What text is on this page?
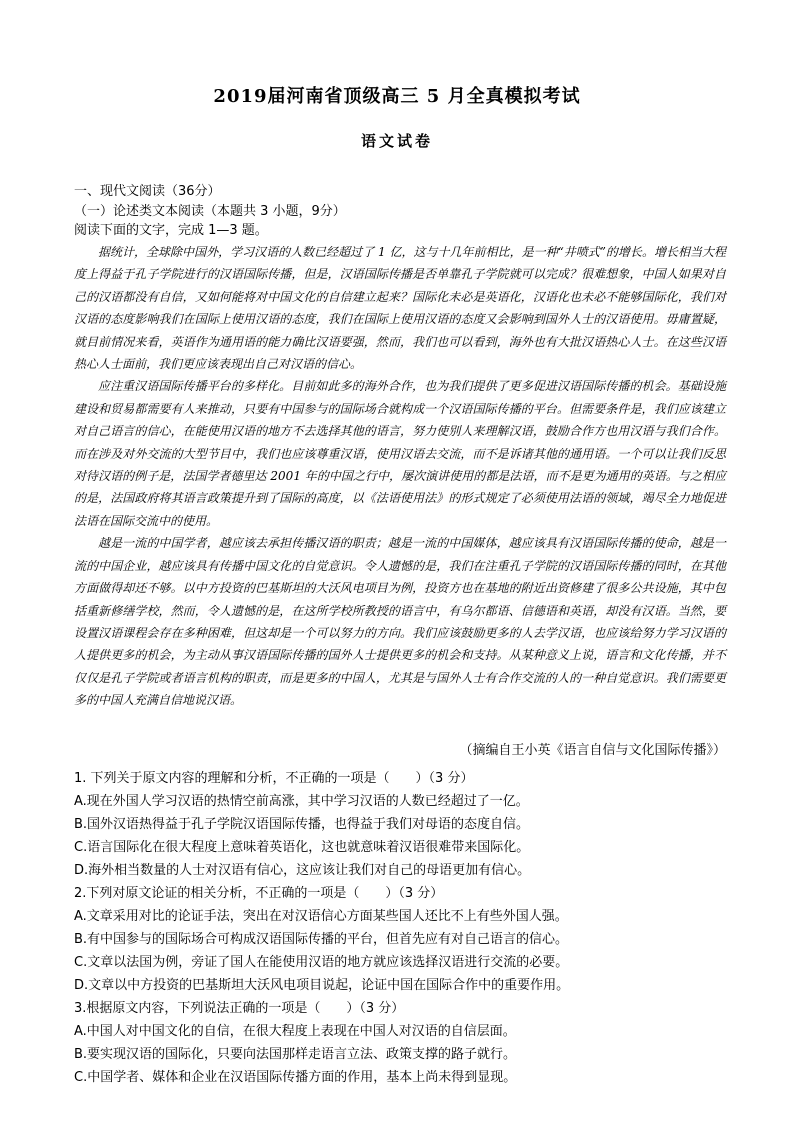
2019届河南省顶级高三 5 月全真模拟考试
语文试卷
一、现代文阅读（36分）
（一）论述类文本阅读（本题共 3 小题，9分）
阅读下面的文字，完成 1—3 题。

据统计，全球除中国外，学习汉语的人数已经超过了 1 亿，这与十几年前相比，是一种“井喷式”的增长。增长相当大程度上得益于孔子学院进行的汉语国际传播，但是，汉语国际传播是否单靠孔子学院就可以完成？很难想象，中国人如果对自己的汉语都没有自信，又如何能将对中国文化的自信建立起来？国际化未必是英语化，汉语化也未必不能够国际化，我们对汉语的态度影响我们在国际上使用汉语的态度，我们在国际上使用汉语的态度又会影响到国外人士的汉语使用。毋庸置疑，就目前情况来看，英语作为通用语的能力确比汉语要强，然而，我们也可以看到，海外也有大批汉语热心人士。在这些汉语热心人士面前，我们更应该表现出自己对汉语的信心。

应注重汉语国际传播平台的多样化。目前如此多的海外合作，也为我们提供了更多促进汉语国际传播的机会。基础设施建设和贸易都需要有人来推动，只要有中国参与的国际场合就构成一个汉语国际传播的平台。但需要条件是，我们应该建立对自己语言的信心，在能使用汉语的地方不去选择其他的语言，努力使别人来理解汉语，鼓励合作方也用汉语与我们合作。而在涉及对外交流的大型节目中，我们也应该尊重汉语，使用汉语去交流，而不是诉诸其他的通用语。一个可以让我们反思对待汉语的例子是，法国学者德里达 2001 年的中国之行中，屡次演讲使用的都是法语，而不是更为通用的英语。与之相应的是，法国政府将其语言政策提升到了国际的高度，以《法语使用法》的形式规定了必须使用法语的领域，竭尽全力地促进法语在国际交流中的使用。

越是一流的中国学者，越应该去承担传播汉语的职责；越是一流的中国媒体，越应该具有汉语国际传播的使命，越是一流的中国企业，越应该具有传播中国文化的自觉意识。令人遗憾的是，我们在注重孔子学院的汉语国际传播的同时，在其他方面做得却还不够。以中方投资的巴基斯坦的大沃风电项目为例，投资方也在基地的附近出资修建了很多公共设施，其中包括重新修缮学校，然而，令人遗憾的是，在这所学校所教授的语言中，有乌尔都语、信德语和英语，却没有汉语。当然，要设置汉语课程会存在多种困难，但这却是一个可以努力的方向。我们应该鼓励更多的人去学汉语，也应该给努力学习汉语的人提供更多的机会，为主动从事汉语国际传播的国外人士提供更多的机会和支持。从某种意义上说，语言和文化传播，并不仅仅是孔子学院或者语言机构的职责，而是更多的中国人，尤其是与国外人士有合作交流的人的一种自觉意识。我们需要更多的中国人充满自信地说汉语。

（摘编自王小英《语言自信与文化国际传播》）
1. 下列关于原文内容的理解和分析，不正确的一项是（　　）（3 分）
A.现在外国人学习汉语的热情空前高涨，其中学习汉语的人数已经超过了一亿。
B.国外汉语热得益于孔子学院汉语国际传播，也得益于我们对母语的态度自信。
C.语言国际化在很大程度上意味着英语化，这也就意味着汉语很难带来国际化。
D.海外相当数量的人士对汉语有信心，这应该让我们对自己的母语更加有信心。
2.下列对原文论证的相关分析，不正确的一项是（　　）（3 分）
A.文章采用对比的论证手法，突出在对汉语信心方面某些国人还比不上有些外国人强。
B.有中国参与的国际场合可构成汉语国际传播的平台，但首先应有对自己语言的信心。
C.文章以法国为例，旁证了国人在能使用汉语的地方就应该选择汉语进行交流的必要。
D.文章以中方投资的巴基斯坦大沃风电项目说起，论证中国在国际合作中的重要作用。
3.根据原文内容，下列说法正确的一项是（　　）（3 分）
A.中国人对中国文化的自信，在很大程度上表现在中国人对汉语的自信层面。
B.要实现汉语的国际化，只要向法国那样走语言立法、政策支撑的路子就行。
C.中国学者、媒体和企业在汉语国际传播方面的作用，基本上尚未得到显现。
